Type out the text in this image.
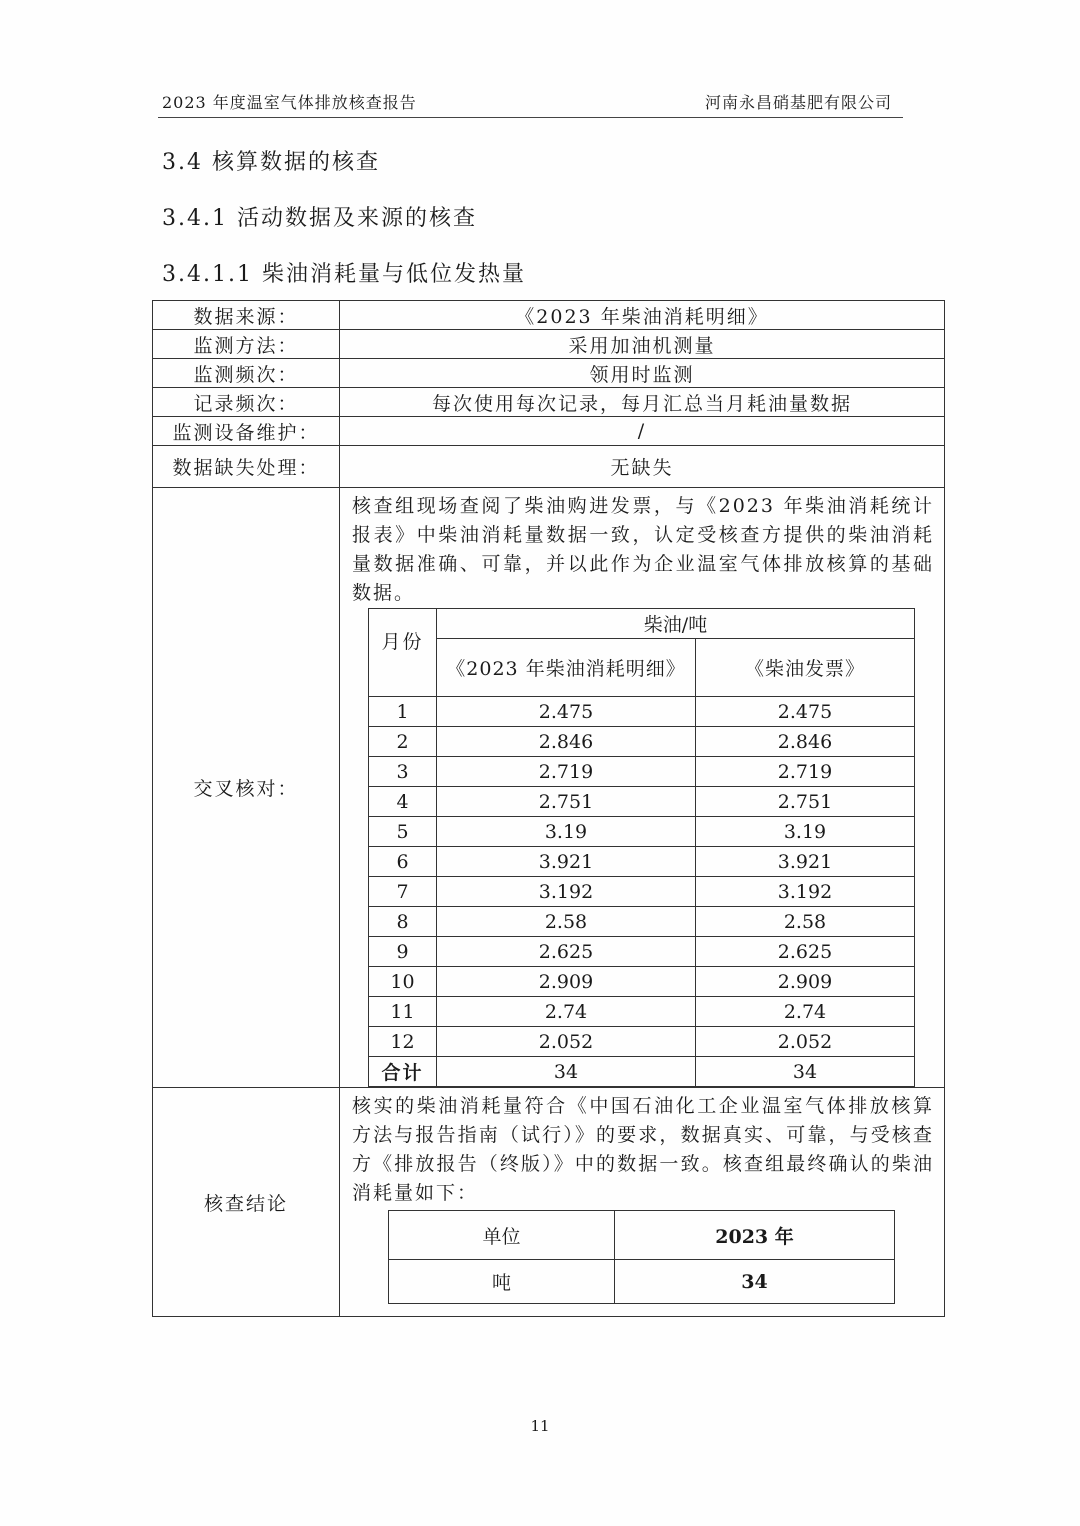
2023 年度温室气体排放核查报告	河南永昌硝基肥有限公司
3.4 核算数据的核查
3.4.1 活动数据及来源的核查
3.4.1.1 柴油消耗量与低位发热量
数据来源：	《2023 年柴油消耗明细》
监测方法：	采用加油机测量
监测频次：	领用时监测
记录频次：	每次使用每次记录，每月汇总当月耗油量数据
监测设备维护：	/
数据缺失处理：	无缺失
交叉核对：	
核查组现场查阅了柴油购进发票，与《2023 年柴油消耗统计报表》中柴油消耗量数据一致，认定受核查方提供的柴油消耗量数据准确、可靠，并以此作为企业温室气体排放核算的基础数据。
月份	柴油/吨
《2023 年柴油消耗明细》	《柴油发票》
1	2.475	2.475
2	2.846	2.846
3	2.719	2.719
4	2.751	2.751
5	3.19	3.19
6	3.921	3.921
7	3.192	3.192
8	2.58	2.58
9	2.625	2.625
10	2.909	2.909
11	2.74	2.74
12	2.052	2.052
合计	34	34

核查结论	
核实的柴油消耗量符合《中国石油化工企业温室气体排放核算方法与报告指南（试行）》的要求，数据真实、可靠，与受核查方《排放报告（终版）》中的数据一致。核查组最终确认的柴油消耗量如下：
单位	2023 年
吨	34
11
